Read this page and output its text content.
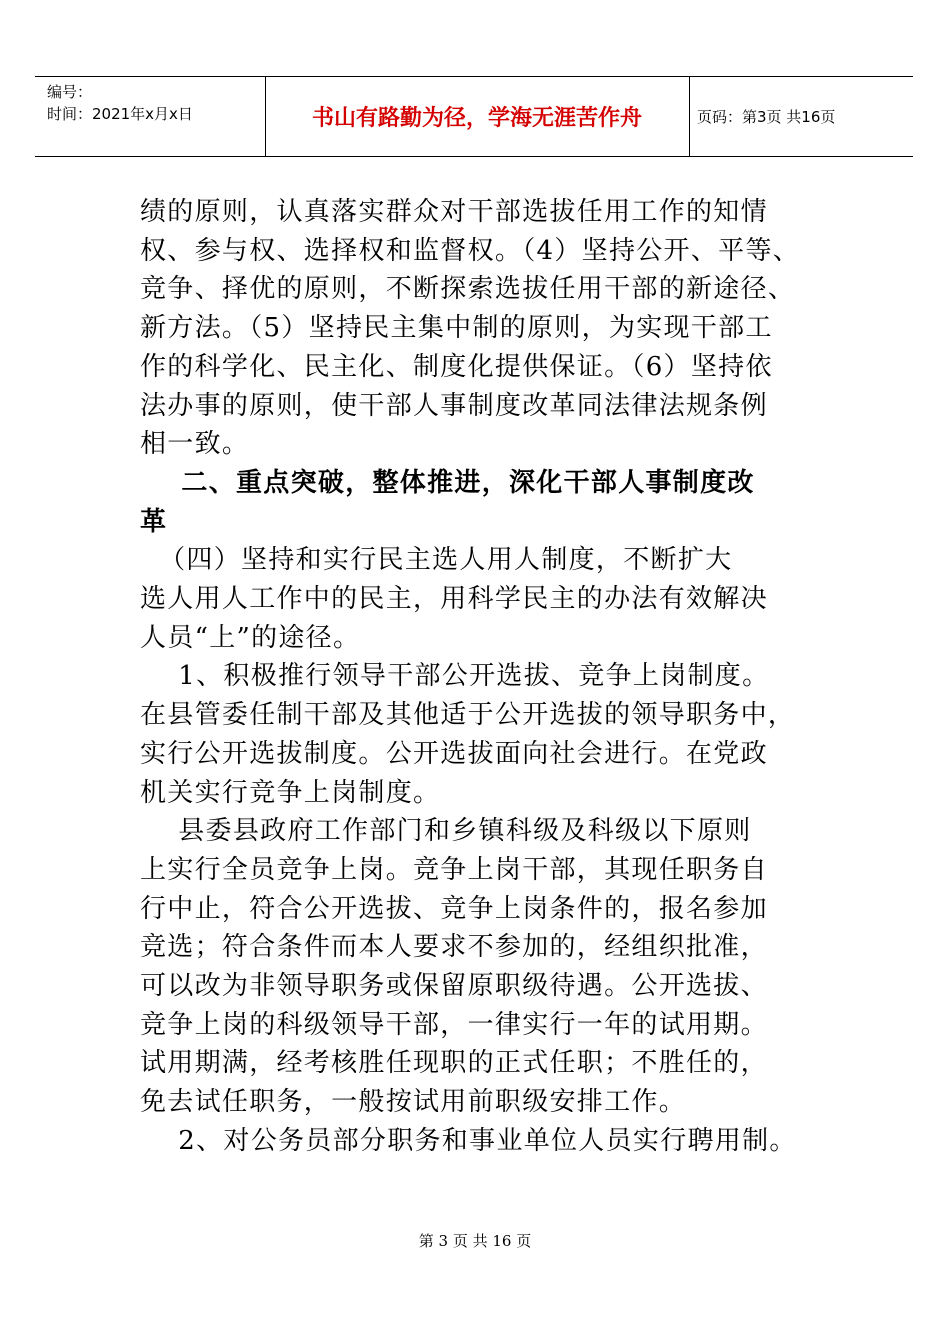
编号：
时间：2021年x月x日	书山有路勤为径，学海无涯苦作舟	页码：第3页 共16页

绩的原则，认真落实群众对干部选拔任用工作的知情

权、参与权、选择权和监督权。（4）坚持公开、平等、

竞争、择优的原则，不断探索选拔任用干部的新途径、

新方法。（5）坚持民主集中制的原则，为实现干部工

作的科学化、民主化、制度化提供保证。（6）坚持依

法办事的原则，使干部人事制度改革同法律法规条例

相一致。

二、重点突破，整体推进，深化干部人事制度改

革

（四）坚持和实行民主选人用人制度，不断扩大

选人用人工作中的民主，用科学民主的办法有效解决

人员“上”的途径。

1、积极推行领导干部公开选拔、竞争上岗制度。

在县管委任制干部及其他适于公开选拔的领导职务中，

实行公开选拔制度。公开选拔面向社会进行。在党政

机关实行竞争上岗制度。

县委县政府工作部门和乡镇科级及科级以下原则

上实行全员竞争上岗。竞争上岗干部，其现任职务自

行中止，符合公开选拔、竞争上岗条件的，报名参加

竞选；符合条件而本人要求不参加的，经组织批准，

可以改为非领导职务或保留原职级待遇。公开选拔、

竞争上岗的科级领导干部，一律实行一年的试用期。

试用期满，经考核胜任现职的正式任职；不胜任的，

免去试任职务，一般按试用前职级安排工作。

2、对公务员部分职务和事业单位人员实行聘用制。

第 3 页 共 16 页
